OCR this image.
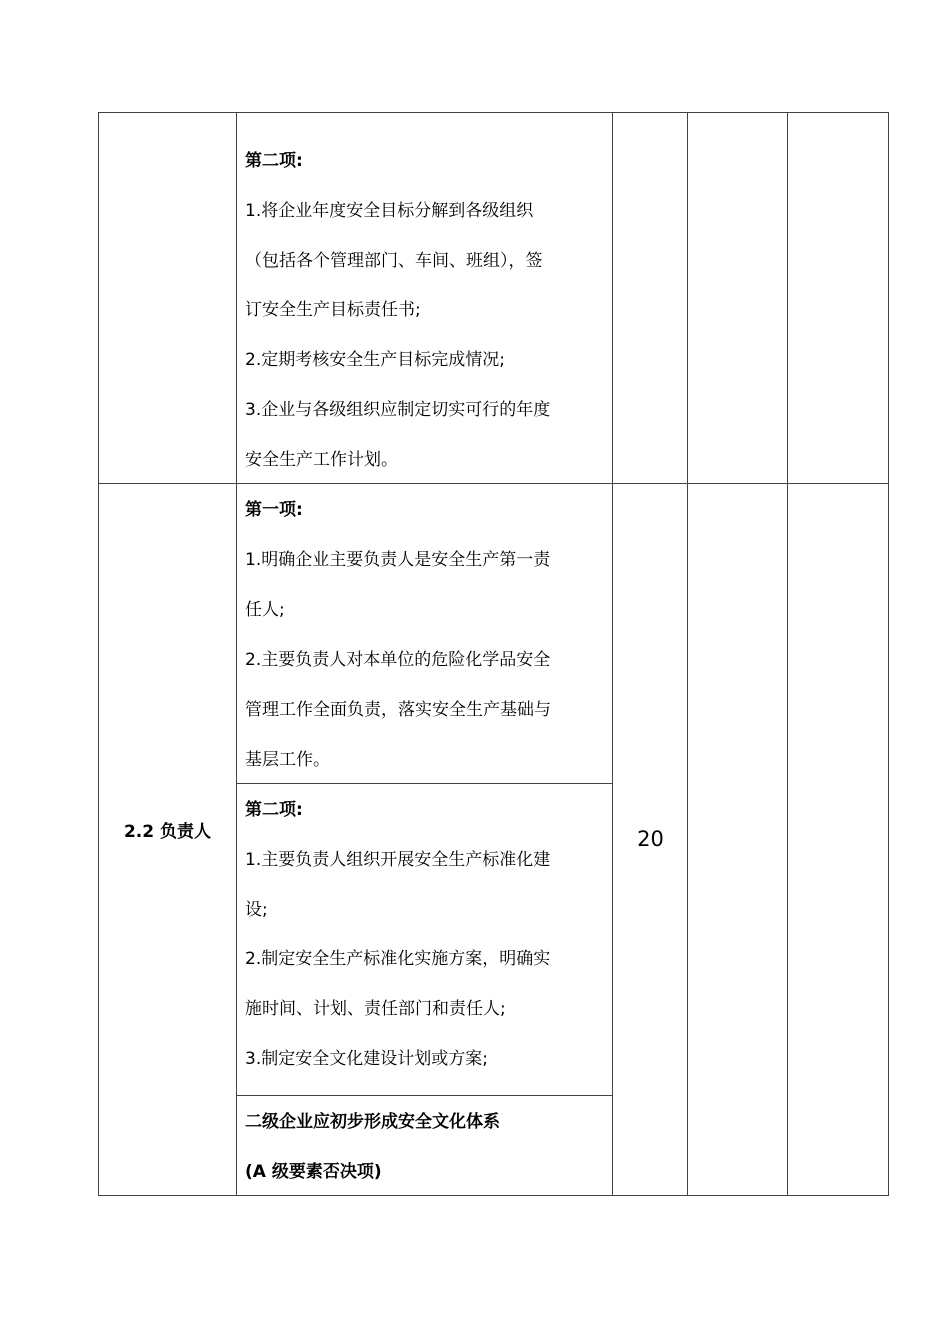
第二项:
1.将企业年度安全目标分解到各级组织
（包括各个管理部门、车间、班组），签
订安全生产目标责任书;
2.定期考核安全生产目标完成情况;
3.企业与各级组织应制定切实可行的年度
安全生产工作计划。
2.2 负责人	20
第一项:
1.明确企业主要负责人是安全生产第一责
任人;
2.主要负责人对本单位的危险化学品安全
管理工作全面负责，落实安全生产基础与
基层工作。
第二项:
1.主要负责人组织开展安全生产标准化建
设;
2.制定安全生产标准化实施方案，明确实
施时间、计划、责任部门和责任人;
3.制定安全文化建设计划或方案;
二级企业应初步形成安全文化体系
(A 级要素否决项)
